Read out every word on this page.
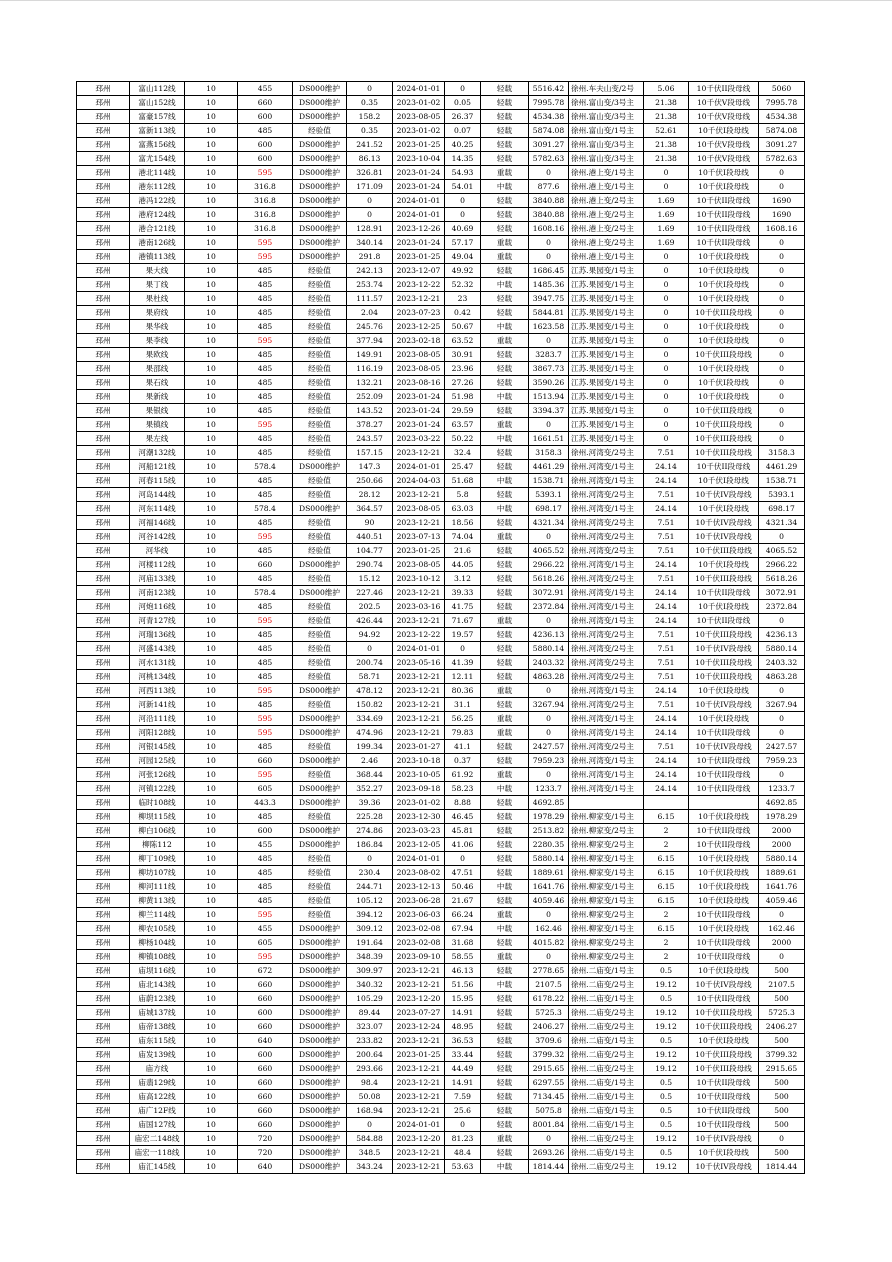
邳州	富山112线	10	455	DS000维护	0	2024-01-01	0	轻载	5516.42	徐州.车夫山变/2号	5.06	10千伏II段母线	5060
邳州	富山152线	10	660	DS000维护	0.35	2023-01-02	0.05	轻载	7995.78	徐州.富山变/3号主	21.38	10千伏V段母线	7995.78
邳州	富豪157线	10	600	DS000维护	158.2	2023-08-05	26.37	轻载	4534.38	徐州.富山变/3号主	21.38	10千伏V段母线	4534.38
邳州	富新113线	10	485	经验值	0.35	2023-01-02	0.07	轻载	5874.08	徐州.富山变/1号主	52.61	10千伏I段母线	5874.08
邳州	富燕156线	10	600	DS000维护	241.52	2023-01-25	40.25	轻载	3091.27	徐州.富山变/3号主	21.38	10千伏V段母线	3091.27
邳州	富尤154线	10	600	DS000维护	86.13	2023-10-04	14.35	轻载	5782.63	徐州.富山变/3号主	21.38	10千伏V段母线	5782.63
邳州	港北114线	10	595	DS000维护	326.81	2023-01-24	54.93	重载	0	徐州.港上变/1号主	0	10千伏I段母线	0
邳州	港东112线	10	316.8	DS000维护	171.09	2023-01-24	54.01	中载	877.6	徐州.港上变/1号主	0	10千伏I段母线	0
邳州	港冯122线	10	316.8	DS000维护	0	2024-01-01	0	轻载	3840.88	徐州.港上变/2号主	1.69	10千伏II段母线	1690
邳州	港府124线	10	316.8	DS000维护	0	2024-01-01	0	轻载	3840.88	徐州.港上变/2号主	1.69	10千伏II段母线	1690
邳州	港合121线	10	316.8	DS000维护	128.91	2023-12-26	40.69	轻载	1608.16	徐州.港上变/2号主	1.69	10千伏II段母线	1608.16
邳州	港南126线	10	595	DS000维护	340.14	2023-01-24	57.17	重载	0	徐州.港上变/2号主	1.69	10千伏II段母线	0
邳州	港镇113线	10	595	DS000维护	291.8	2023-01-25	49.04	重载	0	徐州.港上变/1号主	0	10千伏I段母线	0
邳州	果大线	10	485	经验值	242.13	2023-12-07	49.92	轻载	1686.45	江苏.果园变/1号主	0	10千伏I段母线	0
邳州	果丁线	10	485	经验值	253.74	2023-12-22	52.32	中载	1485.36	江苏.果园变/1号主	0	10千伏I段母线	0
邳州	果杜线	10	485	经验值	111.57	2023-12-21	23	轻载	3947.75	江苏.果园变/1号主	0	10千伏I段母线	0
邳州	果府线	10	485	经验值	2.04	2023-07-23	0.42	轻载	5844.81	江苏.果园变/1号主	0	10千伏III段母线	0
邳州	果华线	10	485	经验值	245.76	2023-12-25	50.67	中载	1623.58	江苏.果园变/1号主	0	10千伏I段母线	0
邳州	果李线	10	595	经验值	377.94	2023-02-18	63.52	重载	0	江苏.果园变/1号主	0	10千伏I段母线	0
邳州	果欧线	10	485	经验值	149.91	2023-08-05	30.91	轻载	3283.7	江苏.果园变/1号主	0	10千伏III段母线	0
邳州	果邵线	10	485	经验值	116.19	2023-08-05	23.96	轻载	3867.73	江苏.果园变/1号主	0	10千伏I段母线	0
邳州	果石线	10	485	经验值	132.21	2023-08-16	27.26	轻载	3590.26	江苏.果园变/1号主	0	10千伏I段母线	0
邳州	果新线	10	485	经验值	252.09	2023-01-24	51.98	中载	1513.94	江苏.果园变/1号主	0	10千伏I段母线	0
邳州	果银线	10	485	经验值	143.52	2023-01-24	29.59	轻载	3394.37	江苏.果园变/1号主	0	10千伏III段母线	0
邳州	果镇线	10	595	经验值	378.27	2023-01-24	63.57	重载	0	江苏.果园变/1号主	0	10千伏III段母线	0
邳州	果左线	10	485	经验值	243.57	2023-03-22	50.22	中载	1661.51	江苏.果园变/1号主	0	10千伏III段母线	0
邳州	河潮132线	10	485	经验值	157.15	2023-12-21	32.4	轻载	3158.3	徐州.河湾变/2号主	7.51	10千伏III段母线	3158.3
邳州	河船121线	10	578.4	DS000维护	147.3	2024-01-01	25.47	轻载	4461.29	徐州.河湾变/1号主	24.14	10千伏II段母线	4461.29
邳州	河春115线	10	485	经验值	250.66	2024-04-03	51.68	中载	1538.71	徐州.河湾变/1号主	24.14	10千伏I段母线	1538.71
邳州	河岛144线	10	485	经验值	28.12	2023-12-21	5.8	轻载	5393.1	徐州.河湾变/2号主	7.51	10千伏IV段母线	5393.1
邳州	河东114线	10	578.4	DS000维护	364.57	2023-08-05	63.03	中载	698.17	徐州.河湾变/1号主	24.14	10千伏I段母线	698.17
邳州	河福146线	10	485	经验值	90	2023-12-21	18.56	轻载	4321.34	徐州.河湾变/2号主	7.51	10千伏IV段母线	4321.34
邳州	河谷142线	10	595	经验值	440.51	2023-07-13	74.04	重载	0	徐州.河湾变/2号主	7.51	10千伏IV段母线	0
邳州	河华线	10	485	经验值	104.77	2023-01-25	21.6	轻载	4065.52	徐州.河湾变/2号主	7.51	10千伏III段母线	4065.52
邳州	河楼112线	10	660	DS000维护	290.74	2023-08-05	44.05	轻载	2966.22	徐州.河湾变/1号主	24.14	10千伏I段母线	2966.22
邳州	河庙133线	10	485	经验值	15.12	2023-10-12	3.12	轻载	5618.26	徐州.河湾变/2号主	7.51	10千伏III段母线	5618.26
邳州	河南123线	10	578.4	DS000维护	227.46	2023-12-21	39.33	轻载	3072.91	徐州.河湾变/1号主	24.14	10千伏II段母线	3072.91
邳州	河炮116线	10	485	经验值	202.5	2023-03-16	41.75	轻载	2372.84	徐州.河湾变/1号主	24.14	10千伏I段母线	2372.84
邳州	河青127线	10	595	经验值	426.44	2023-12-21	71.67	重载	0	徐州.河湾变/1号主	24.14	10千伏II段母线	0
邳州	河瑞136线	10	485	经验值	94.92	2023-12-22	19.57	轻载	4236.13	徐州.河湾变/2号主	7.51	10千伏III段母线	4236.13
邳州	河盛143线	10	485	经验值	0	2024-01-01	0	轻载	5880.14	徐州.河湾变/2号主	7.51	10千伏IV段母线	5880.14
邳州	河水131线	10	485	经验值	200.74	2023-05-16	41.39	轻载	2403.32	徐州.河湾变/2号主	7.51	10千伏III段母线	2403.32
邳州	河桃134线	10	485	经验值	58.71	2023-12-21	12.11	轻载	4863.28	徐州.河湾变/2号主	7.51	10千伏III段母线	4863.28
邳州	河西113线	10	595	DS000维护	478.12	2023-12-21	80.36	重载	0	徐州.河湾变/1号主	24.14	10千伏I段母线	0
邳州	河新141线	10	485	经验值	150.82	2023-12-21	31.1	轻载	3267.94	徐州.河湾变/2号主	7.51	10千伏IV段母线	3267.94
邳州	河沿111线	10	595	DS000维护	334.69	2023-12-21	56.25	重载	0	徐州.河湾变/1号主	24.14	10千伏I段母线	0
邳州	河阳128线	10	595	DS000维护	474.96	2023-12-21	79.83	重载	0	徐州.河湾变/1号主	24.14	10千伏II段母线	0
邳州	河银145线	10	485	经验值	199.34	2023-01-27	41.1	轻载	2427.57	徐州.河湾变/2号主	7.51	10千伏IV段母线	2427.57
邳州	河园125线	10	660	DS000维护	2.46	2023-10-18	0.37	轻载	7959.23	徐州.河湾变/1号主	24.14	10千伏II段母线	7959.23
邳州	河张126线	10	595	经验值	368.44	2023-10-05	61.92	重载	0	徐州.河湾变/1号主	24.14	10千伏II段母线	0
邳州	河镇122线	10	605	DS000维护	352.27	2023-09-18	58.23	中载	1233.7	徐州.河湾变/1号主	24.14	10千伏II段母线	1233.7
邳州	临时108线	10	443.3	DS000维护	39.36	2023-01-02	8.88	轻载	4692.85				4692.85
邳州	柳坝115线	10	485	经验值	225.28	2023-12-30	46.45	轻载	1978.29	徐州.柳家变/1号主	6.15	10千伏I段母线	1978.29
邳州	柳白106线	10	600	DS000维护	274.86	2023-03-23	45.81	轻载	2513.82	徐州.柳家变/2号主	2	10千伏II段母线	2000
邳州	柳陈112	10	455	DS000维护	186.84	2023-12-05	41.06	轻载	2280.35	徐州.柳家变/2号主	2	10千伏II段母线	2000
邳州	柳丁109线	10	485	经验值	0	2024-01-01	0	轻载	5880.14	徐州.柳家变/1号主	6.15	10千伏I段母线	5880.14
邳州	柳坊107线	10	485	经验值	230.4	2023-08-02	47.51	轻载	1889.61	徐州.柳家变/1号主	6.15	10千伏I段母线	1889.61
邳州	柳河111线	10	485	经验值	244.71	2023-12-13	50.46	中载	1641.76	徐州.柳家变/1号主	6.15	10千伏I段母线	1641.76
邳州	柳黄113线	10	485	经验值	105.12	2023-06-28	21.67	轻载	4059.46	徐州.柳家变/1号主	6.15	10千伏I段母线	4059.46
邳州	柳兰114线	10	595	经验值	394.12	2023-06-03	66.24	重载	0	徐州.柳家变/2号主	2	10千伏II段母线	0
邳州	柳农105线	10	455	DS000维护	309.12	2023-02-08	67.94	中载	162.46	徐州.柳家变/1号主	6.15	10千伏I段母线	162.46
邳州	柳杨104线	10	605	DS000维护	191.64	2023-02-08	31.68	轻载	4015.82	徐州.柳家变/2号主	2	10千伏II段母线	2000
邳州	柳镇108线	10	595	DS000维护	348.39	2023-09-10	58.55	重载	0	徐州.柳家变/2号主	2	10千伏II段母线	0
邳州	庙坝116线	10	672	DS000维护	309.97	2023-12-21	46.13	轻载	2778.65	徐州.二庙变/1号主	0.5	10千伏I段母线	500
邳州	庙北143线	10	660	DS000维护	340.32	2023-12-21	51.56	中载	2107.5	徐州.二庙变/2号主	19.12	10千伏IV段母线	2107.5
邳州	庙蔚123线	10	660	DS000维护	105.29	2023-12-20	15.95	轻载	6178.22	徐州.二庙变/1号主	0.5	10千伏II段母线	500
邳州	庙城137线	10	600	DS000维护	89.44	2023-07-27	14.91	轻载	5725.3	徐州.二庙变/2号主	19.12	10千伏III段母线	5725.3
邳州	庙帝138线	10	660	DS000维护	323.07	2023-12-24	48.95	轻载	2406.27	徐州.二庙变/2号主	19.12	10千伏III段母线	2406.27
邳州	庙东115线	10	640	DS000维护	233.82	2023-12-21	36.53	轻载	3709.6	徐州.二庙变/1号主	0.5	10千伏I段母线	500
邳州	庙发139线	10	600	DS000维护	200.64	2023-01-25	33.44	轻载	3799.32	徐州.二庙变/2号主	19.12	10千伏III段母线	3799.32
邳州	庙方线	10	660	DS000维护	293.66	2023-12-21	44.49	轻载	2915.65	徐州.二庙变/2号主	19.12	10千伏III段母线	2915.65
邳州	庙翡129线	10	660	DS000维护	98.4	2023-12-21	14.91	轻载	6297.55	徐州.二庙变/1号主	0.5	10千伏II段母线	500
邳州	庙高122线	10	660	DS000维护	50.08	2023-12-21	7.59	轻载	7134.45	徐州.二庙变/1号主	0.5	10千伏II段母线	500
邳州	庙广12F线	10	660	DS000维护	168.94	2023-12-21	25.6	轻载	5075.8	徐州.二庙变/1号主	0.5	10千伏II段母线	500
邳州	庙国127线	10	660	DS000维护	0	2024-01-01	0	轻载	8001.84	徐州.二庙变/1号主	0.5	10千伏II段母线	500
邳州	庙宏二148线	10	720	DS000维护	584.88	2023-12-20	81.23	重载	0	徐州.二庙变/2号主	19.12	10千伏IV段母线	0
邳州	庙宏一118线	10	720	DS000维护	348.5	2023-12-21	48.4	轻载	2693.26	徐州.二庙变/1号主	0.5	10千伏I段母线	500
邳州	庙汇145线	10	640	DS000维护	343.24	2023-12-21	53.63	中载	1814.44	徐州.二庙变/2号主	19.12	10千伏IV段母线	1814.44
